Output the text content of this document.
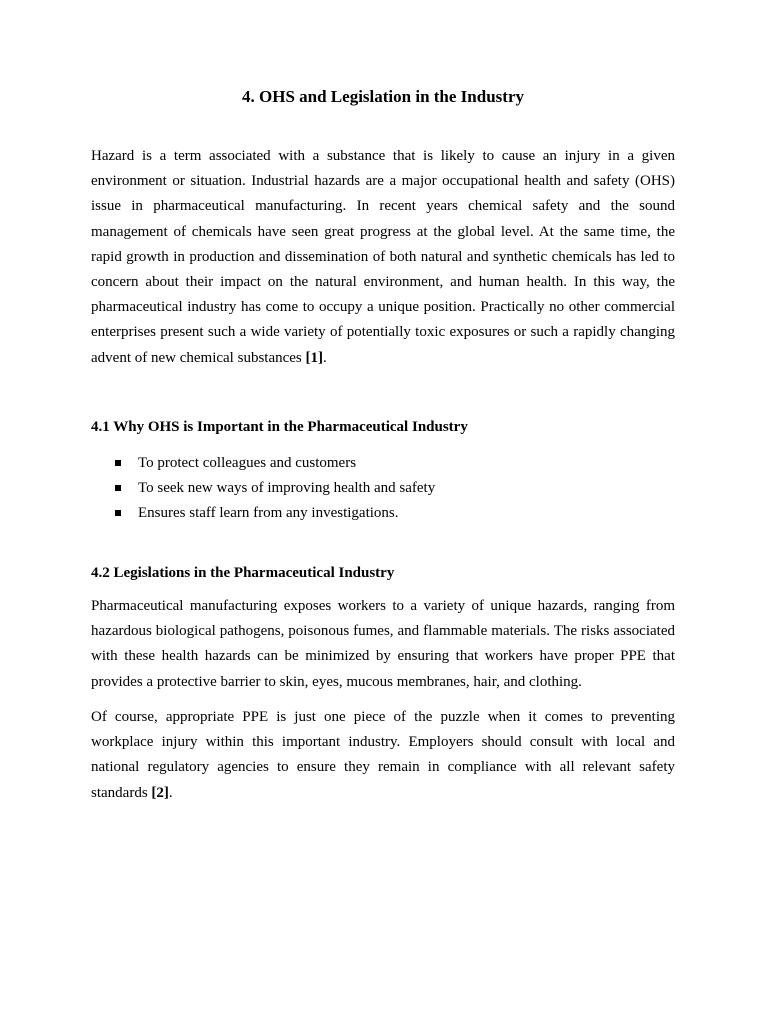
4. OHS and Legislation in the Industry

Hazard is a term associated with a substance that is likely to cause an injury in a given environment or situation. Industrial hazards are a major occupational health and safety (OHS) issue in pharmaceutical manufacturing. In recent years chemical safety and the sound management of chemicals have seen great progress at the global level. At the same time, the rapid growth in production and dissemination of both natural and synthetic chemicals has led to concern about their impact on the natural environment, and human health. In this way, the pharmaceutical industry has come to occupy a unique position. Practically no other commercial enterprises present such a wide variety of potentially toxic exposures or such a rapidly changing advent of new chemical substances [1].

4.1 Why OHS is Important in the Pharmaceutical Industry
To protect colleagues and customers
To seek new ways of improving health and safety
Ensures staff learn from any investigations.
4.2 Legislations in the Pharmaceutical Industry

Pharmaceutical manufacturing exposes workers to a variety of unique hazards, ranging from hazardous biological pathogens, poisonous fumes, and flammable materials. The risks associated with these health hazards can be minimized by ensuring that workers have proper PPE that provides a protective barrier to skin, eyes, mucous membranes, hair, and clothing.

Of course, appropriate PPE is just one piece of the puzzle when it comes to preventing workplace injury within this important industry. Employers should consult with local and national regulatory agencies to ensure they remain in compliance with all relevant safety standards [2].
